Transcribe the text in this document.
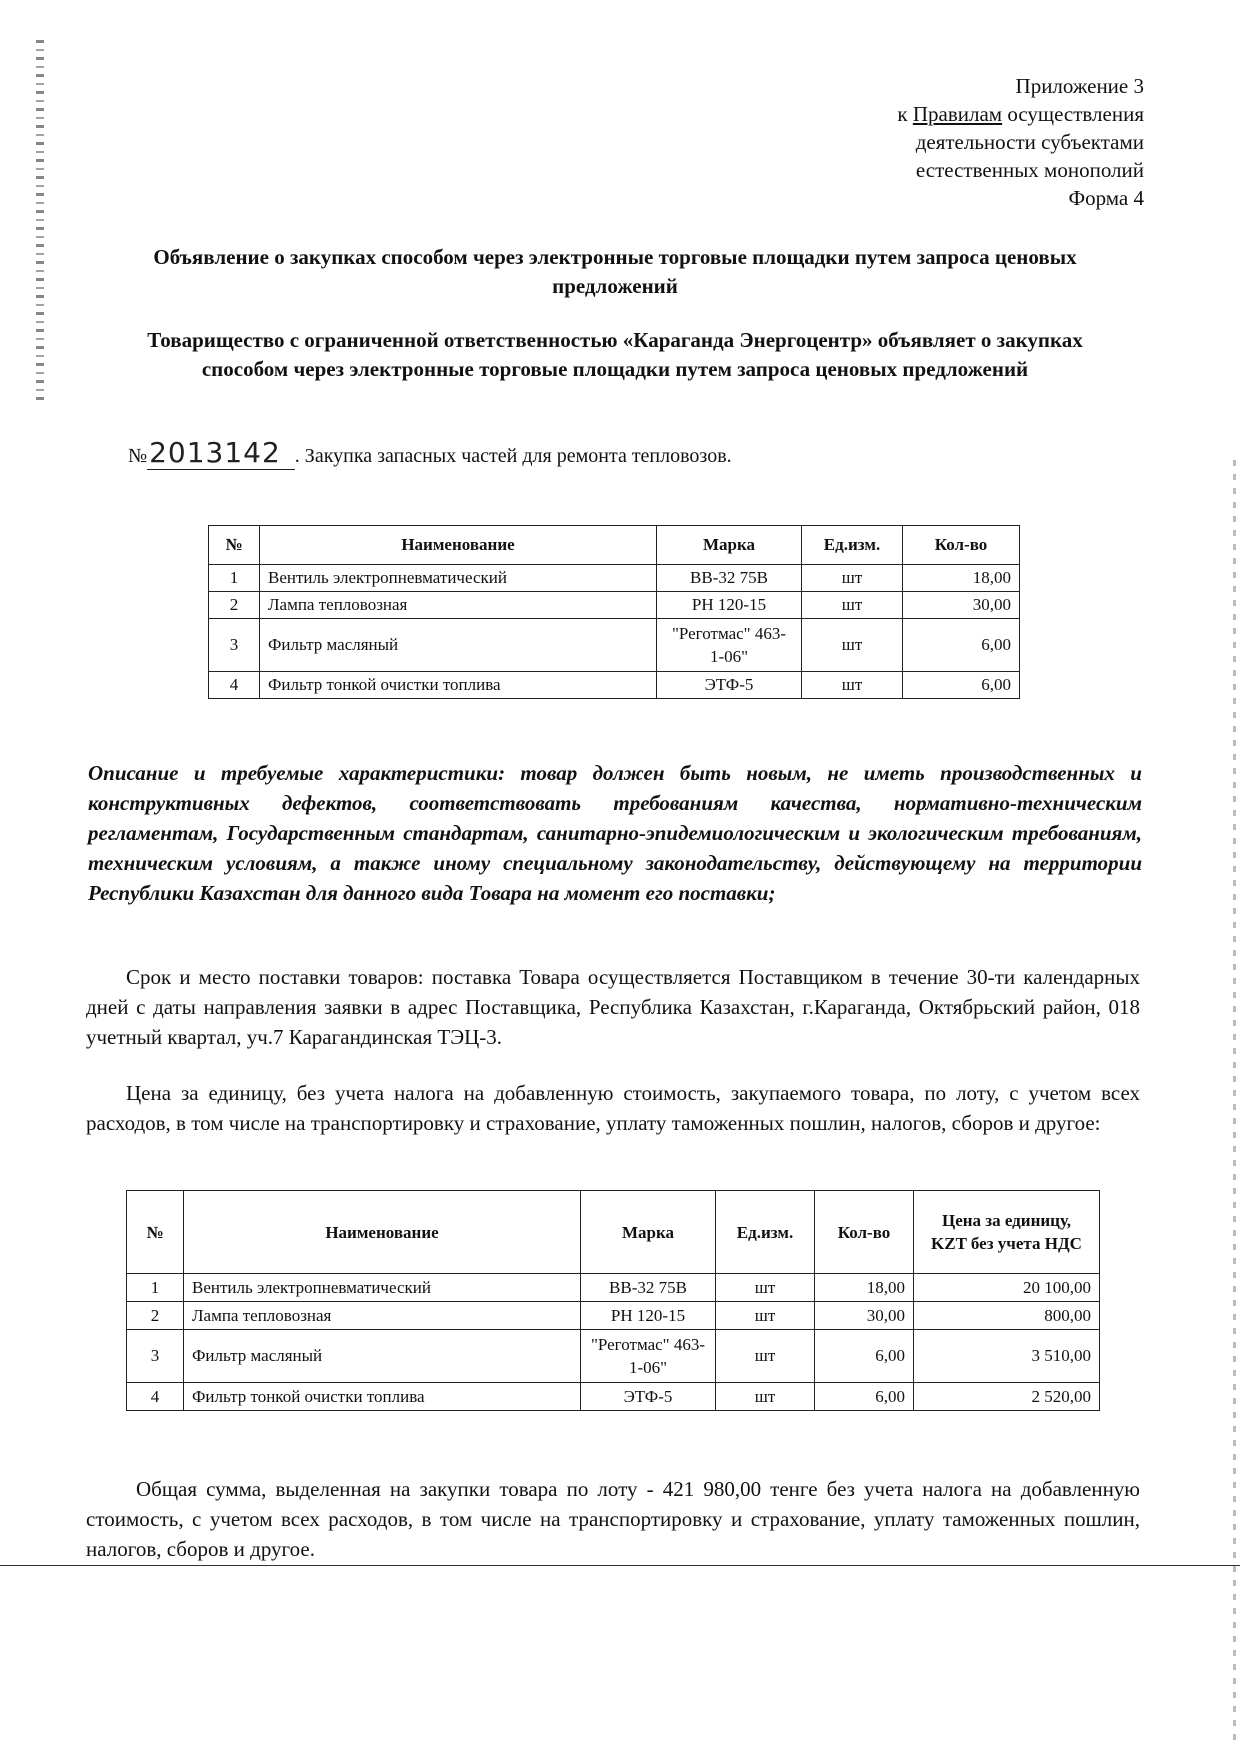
Приложение 3
к Правилам осуществления
деятельности субъектами
естественных монополий
Форма 4
Объявление о закупках способом через электронные торговые площадки путем запроса ценовых предложений
Товарищество с ограниченной ответственностью «Караганда Энергоцентр» объявляет о закупках способом через электронные торговые площадки путем запроса ценовых предложений
№2013142 . Закупка запасных частей для ремонта тепловозов.
№	Наименование	Марка	Ед.изм.	Кол-во
1	Вентиль электропневматический	ВВ-32 75В	шт	18,00
2	Лампа тепловозная	РН 120-15	шт	30,00
3	Фильтр масляный	"Реготмас" 463-1-06"	шт	6,00
4	Фильтр тонкой очистки топлива	ЭТФ-5	шт	6,00
Описание и требуемые характеристики: товар должен быть новым, не иметь производственных и конструктивных дефектов, соответствовать требованиям качества, нормативно-техническим регламентам, Государственным стандартам, санитарно-эпидемиологическим и экологическим требованиям, техническим условиям, а также иному специальному законодательству, действующему на территории Республики Казахстан для данного вида Товара на момент его поставки;
Срок и место поставки товаров: поставка Товара осуществляется Поставщиком в течение 30-ти календарных дней с даты направления заявки в адрес Поставщика, Республика Казахстан, г.Караганда, Октябрьский район, 018 учетный квартал, уч.7 Карагандинская ТЭЦ-3.
Цена за единицу, без учета налога на добавленную стоимость, закупаемого товара, по лоту, с учетом всех расходов, в том числе на транспортировку и страхование, уплату таможенных пошлин, налогов, сборов и другое:
№	Наименование	Марка	Ед.изм.	Кол-во	Цена за единицу, KZT без учета НДС
1	Вентиль электропневматический	ВВ-32 75В	шт	18,00	20 100,00
2	Лампа тепловозная	РН 120-15	шт	30,00	800,00
3	Фильтр масляный	"Реготмас" 463-1-06"	шт	6,00	3 510,00
4	Фильтр тонкой очистки топлива	ЭТФ-5	шт	6,00	2 520,00
Общая сумма, выделенная на закупки товара по лоту - 421 980,00 тенге без учета налога на добавленную стоимость, с учетом всех расходов, в том числе на транспортировку и страхование, уплату таможенных пошлин, налогов, сборов и другое.
